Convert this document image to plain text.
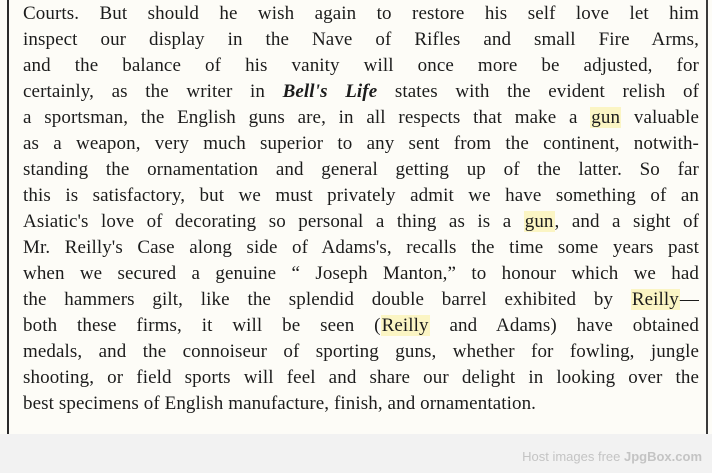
Courts. But should he wish again to restore his self love let him
inspect our display in the Nave of Rifles and small Fire Arms,
and the balance of his vanity will once more be adjusted, for
certainly, as the writer in Bell's Life states with the evident relish of
a sportsman, the English guns are, in all respects that make a gun valuable
as a weapon, very much superior to any sent from the continent, notwith-
standing the ornamentation and general getting up of the latter. So far
this is satisfactory, but we must privately admit we have something of an
Asiatic's love of decorating so personal a thing as is a gun, and a sight of
Mr. Reilly's Case along side of Adams's, recalls the time some years past
when we secured a genuine “ Joseph Manton,” to honour which we had
the hammers gilt, like the splendid double barrel exhibited by Reilly—
both these firms, it will be seen (Reilly and Adams) have obtained
medals, and the connoiseur of sporting guns, whether for fowling, jungle
shooting, or field sports will feel and share our delight in looking over the
best specimens of English manufacture, finish, and ornamentation.
Host images free JpgBox.com
